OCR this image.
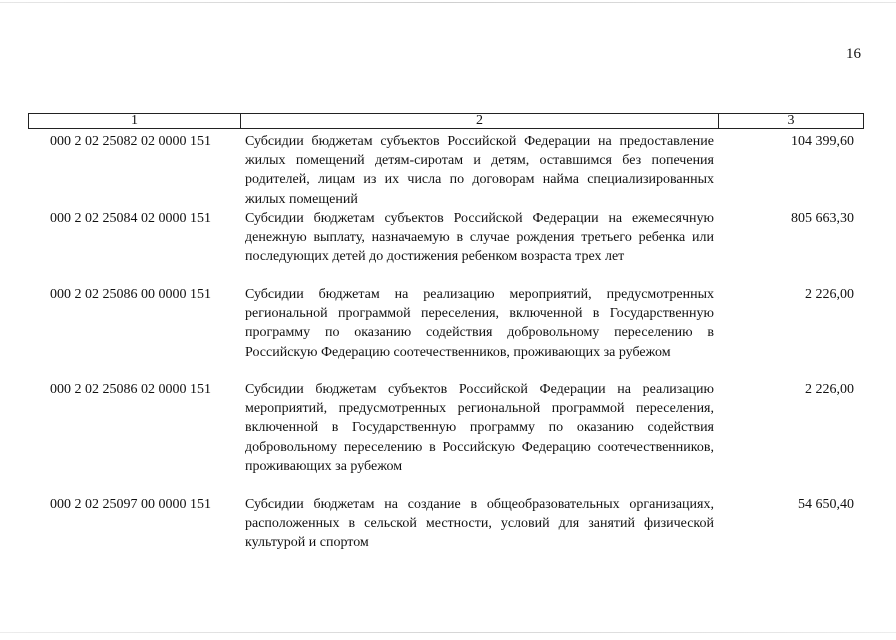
16
1	2	3
000 2 02 25082 02 0000 151 Субсидии бюджетам субъектов Российской Федерации на предоставление жилых помещений детям-сиротам и детям, оставшимся без попечения родителей, лицам из их числа по договорам найма специализированных жилых помещений
104 399,60
000 2 02 25084 02 0000 151 Субсидии бюджетам субъектов Российской Федерации на ежемесячную денежную выплату, назначаемую в случае рождения третьего ребенка или последующих детей до достижения ребенком возраста трех лет
805 663,30
000 2 02 25086 00 0000 151 Субсидии бюджетам на реализацию мероприятий, предусмотренных региональной программой переселения, включенной в Государственную программу по оказанию содействия добровольному переселению в Российскую Федерацию соотечественников, проживающих за рубежом
2 226,00
000 2 02 25086 02 0000 151 Субсидии бюджетам субъектов Российской Федерации на реализацию мероприятий, предусмотренных региональной программой переселения, включенной в Государственную программу по оказанию содействия добровольному переселению в Российскую Федерацию соотечественников, проживающих за рубежом
2 226,00
000 2 02 25097 00 0000 151 Субсидии бюджетам на создание в общеобразовательных организациях, расположенных в сельской местности, условий для занятий физической культурой и спортом
54 650,40
